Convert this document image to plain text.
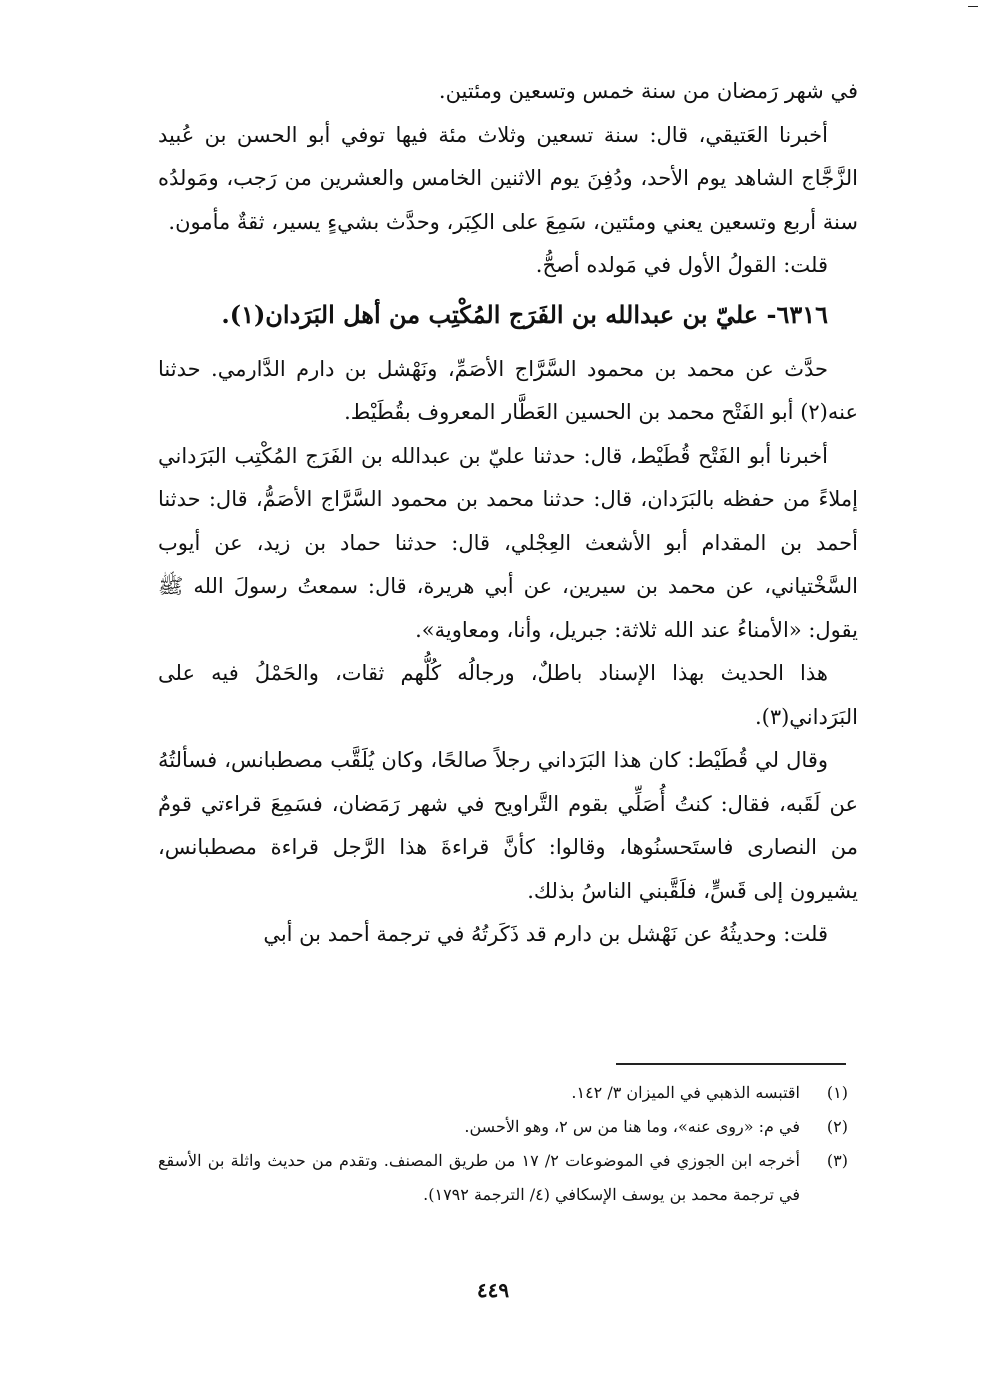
في شهر رَمضان من سنة خمس وتسعين ومئتين.

أخبرنا العَتيقي، قال: سنة تسعين وثلاث مئة فيها توفي أبو الحسن بن عُبيد الزَّجَّاج الشاهد يوم الأحد، ودُفِنَ يوم الاثنين الخامس والعشرين من رَجب، ومَولدُه سنة أربع وتسعين يعني ومئتين، سَمِعَ على الكِبَر، وحدَّث بشيءٍ يسير، ثقةٌ مأمون.

قلت: القولُ الأول في مَولده أصحُّ.

٦٣١٦- عليّ بن عبدالله بن الفَرَج المُكْتِب من أهل البَرَدان(١).

حدَّث عن محمد بن محمود السَّرَّاج الأصَمِّ، ونَهْشل بن دارم الدَّارمي. حدثنا عنه(٢) أبو الفَتْح محمد بن الحسين العَطَّار المعروف بقُطَيْط.

أخبرنا أبو الفَتْح قُطَيْط، قال: حدثنا عليّ بن عبدالله بن الفَرَج المُكْتِب البَرَداني إملاءً من حفظه بالبَرَدان، قال: حدثنا محمد بن محمود السَّرَّاج الأصَمُّ، قال: حدثنا أحمد بن المقدام أبو الأشعث العِجْلي، قال: حدثنا حماد بن زيد، عن أيوب السَّخْتياني، عن محمد بن سيرين، عن أبي هريرة، قال: سمعتُ رسولَ الله ﷺ يقول: «الأمناءُ عند الله ثلاثة: جبريل، وأنا، ومعاوية».

هذا الحديث بهذا الإسناد باطلٌ، ورجالُه كُلُّهم ثقات، والحَمْلُ فيه على البَرَداني(٣).

وقال لي قُطَيْط: كان هذا البَرَداني رجلاً صالحًا، وكان يُلَقَّب مصطبانس، فسألتُهُ عن لَقَبه، فقال: كنتُ أُصَلِّي بقوم التَّراويح في شهر رَمَضان، فسَمِعَ قراءتي قومٌ من النصارى فاستَحسنُوها، وقالوا: كأنَّ قراءةَ هذا الرَّجل قراءة مصطبانس، يشيرون إلى قَسٍّ، فلَقَّبني الناسُ بذلك.

قلت: وحديثُهُ عن نَهْشل بن دارم قد ذَكَرتُهُ في ترجمة أحمد بن أبي

(١)
اقتبسه الذهبي في الميزان ٣/ ١٤٢.
(٢)
في م: «روى عنه»، وما هنا من س ٢، وهو الأحسن.
(٣)
أخرجه ابن الجوزي في الموضوعات ٢/ ١٧ من طريق المصنف. وتقدم من حديث واثلة بن الأسقع في ترجمة محمد بن يوسف الإسكافي (٤/ الترجمة ١٧٩٢).
٤٤٩
